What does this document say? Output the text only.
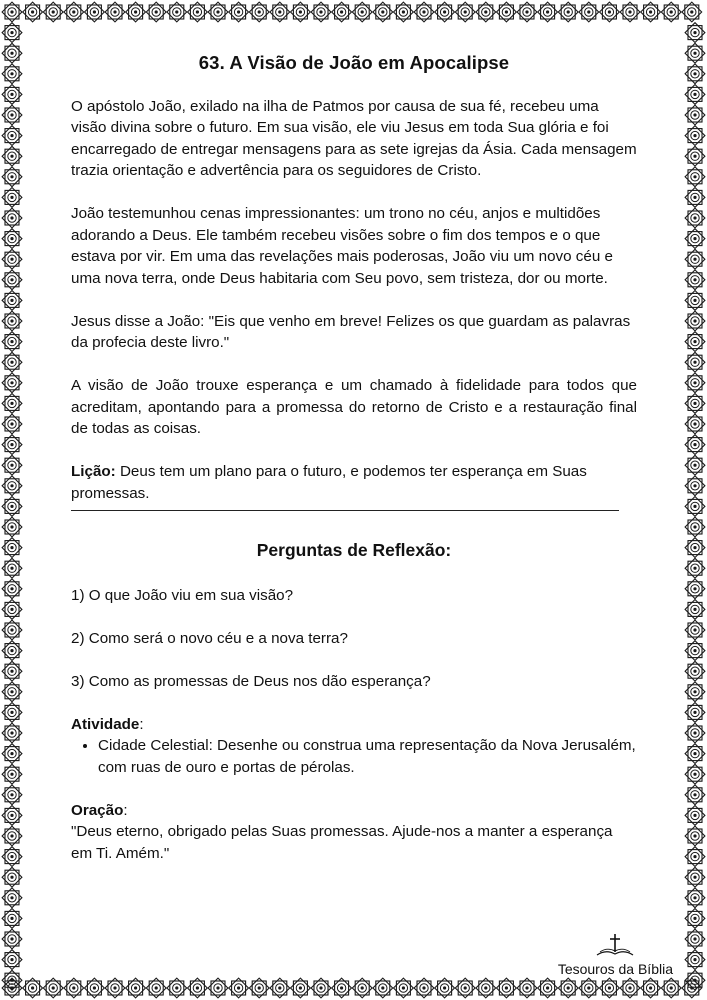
63. A Visão de João em Apocalipse

O apóstolo João, exilado na ilha de Patmos por causa de sua fé, recebeu uma visão divina sobre o futuro. Em sua visão, ele viu Jesus em toda Sua glória e foi encarregado de entregar mensagens para as sete igrejas da Ásia. Cada mensagem trazia orientação e advertência para os seguidores de Cristo.

João testemunhou cenas impressionantes: um trono no céu, anjos e multidões adorando a Deus. Ele também recebeu visões sobre o fim dos tempos e o que estava por vir. Em uma das revelações mais poderosas, João viu um novo céu e uma nova terra, onde Deus habitaria com Seu povo, sem tristeza, dor ou morte.

Jesus disse a João: "Eis que venho em breve! Felizes os que guardam as palavras da profecia deste livro."

A visão de João trouxe esperança e um chamado à fidelidade para todos que acreditam, apontando para a promessa do retorno de Cristo e a restauração final de todas as coisas.

Lição: Deus tem um plano para o futuro, e podemos ter esperança em Suas promessas.

Perguntas de Reflexão:

1) O que João viu em sua visão?

2) Como será o novo céu e a nova terra?

3) Como as promessas de Deus nos dão esperança?

Atividade:
• Cidade Celestial: Desenhe ou construa uma representação da Nova Jerusalém, com ruas de ouro e portas de pérolas.
Oração:

"Deus eterno, obrigado pelas Suas promessas. Ajude-nos a manter a esperança em Ti. Amém."

Tesouros da Bíblia
